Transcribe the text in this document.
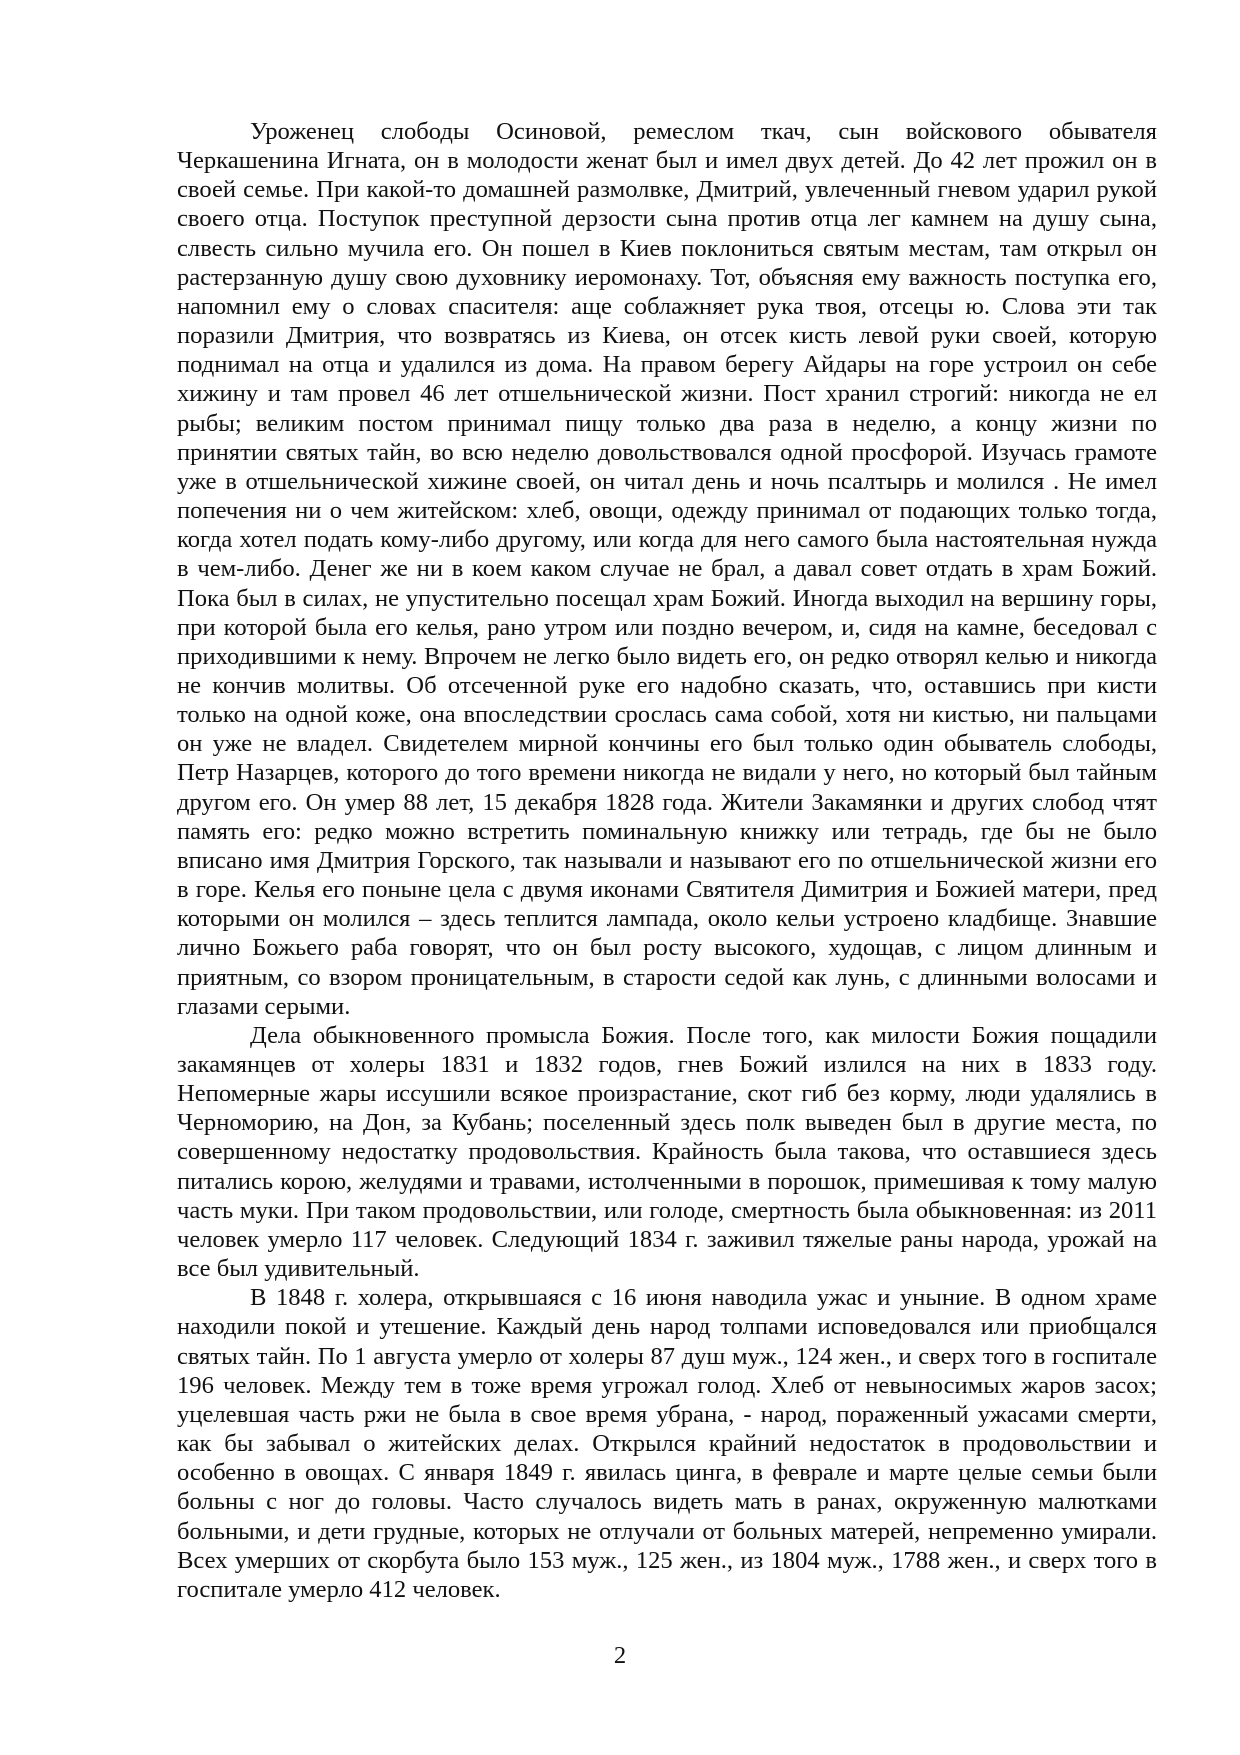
Уроженец слободы Осиновой, ремеслом ткач, сын войскового обывателя Черкашенина Игната, он в молодости женат был и имел двух детей. До 42 лет прожил он в своей семье. При какой-то домашней размолвке, Дмитрий, увлеченный гневом ударил рукой своего отца. Поступок преступной дерзости сына против отца лег камнем на душу сына, слвесть сильно мучила его. Он пошел в Киев поклониться святым местам, там открыл он растерзанную душу свою духовнику иеромонаху. Тот, объясняя ему важность поступка его, напомнил ему о словах спасителя: аще соблажняет рука твоя, отсецы ю. Слова эти так поразили Дмитрия, что возвратясь из Киева, он отсек кисть левой руки своей, которую поднимал на отца и удалился из дома. На правом берегу Айдары на горе устроил он себе хижину и там провел 46 лет отшельнической жизни. Пост хранил строгий: никогда не ел рыбы; великим постом принимал пищу только два раза в неделю, а концу жизни по принятии святых тайн, во всю неделю довольствовался одной просфорой. Изучась грамоте уже в отшельнической хижине своей, он читал день и ночь псалтырь и молился . Не имел попечения ни о чем житейском: хлеб, овощи, одежду принимал от подающих только тогда, когда хотел подать кому-либо другому, или когда для него самого была настоятельная нужда в чем-либо. Денег же ни в коем каком случае не брал, а давал совет отдать в храм Божий. Пока был в силах, не упустительно посещал храм Божий. Иногда выходил на вершину горы, при которой была его келья, рано утром или поздно вечером, и, сидя на камне, беседовал с приходившими к нему. Впрочем не легко было видеть его, он редко отворял келью и никогда не кончив молитвы. Об отсеченной руке его надобно сказать, что, оставшись при кисти только на одной коже, она впоследствии срослась сама собой, хотя ни кистью, ни пальцами он уже не владел. Свидетелем мирной кончины его был только один обыватель слободы, Петр Назарцев, которого до того времени никогда не видали у него, но который был тайным другом его. Он умер 88 лет, 15 декабря 1828 года. Жители Закамянки и других слобод чтят память его: редко можно встретить поминальную книжку или тетрадь, где бы не было вписано имя Дмитрия Горского, так называли и называют его по отшельнической жизни его в горе. Келья его поныне цела с двумя иконами Святителя Димитрия и Божией матери, пред которыми он молился – здесь теплится лампада, около кельи устроено кладбище. Знавшие лично Божьего раба говорят, что он был росту высокого, худощав, с лицом длинным и приятным, со взором проницательным, в старости седой как лунь, с длинными волосами и глазами серыми.

Дела обыкновенного промысла Божия. После того, как милости Божия пощадили закамянцев от холеры 1831 и 1832 годов, гнев Божий излился на них в 1833 году. Непомерные жары иссушили всякое произрастание, скот гиб без корму, люди удалялись в Черноморию, на Дон, за Кубань; поселенный здесь полк выведен был в другие места, по совершенному недостатку продовольствия. Крайность была такова, что оставшиеся здесь питались корою, желудями и травами, истолченными в порошок, примешивая к тому малую часть муки. При таком продовольствии, или голоде, смертность была обыкновенная: из 2011 человек умерло 117 человек. Следующий 1834 г. заживил тяжелые раны народа, урожай на все был удивительный.

В 1848 г. холера, открывшаяся с 16 июня наводила ужас и уныние. В одном храме находили покой и утешение. Каждый день народ толпами исповедовался или приобщался святых тайн. По 1 августа умерло от холеры 87 душ муж., 124 жен., и сверх того в госпитале 196 человек. Между тем в тоже время угрожал голод. Хлеб от невыносимых жаров засох; уцелевшая часть ржи не была в свое время убрана, - народ, пораженный ужасами смерти, как бы забывал о житейских делах. Открылся крайний недостаток в продовольствии и особенно в овощах. С января 1849 г. явилась цинга, в феврале и марте целые семьи были больны с ног до головы. Часто случалось видеть мать в ранах, окруженную малютками больными, и дети грудные, которых не отлучали от больных матерей, непременно умирали. Всех умерших от скорбута было 153 муж., 125 жен., из 1804 муж., 1788 жен., и сверх того в госпитале умерло 412 человек.

2
